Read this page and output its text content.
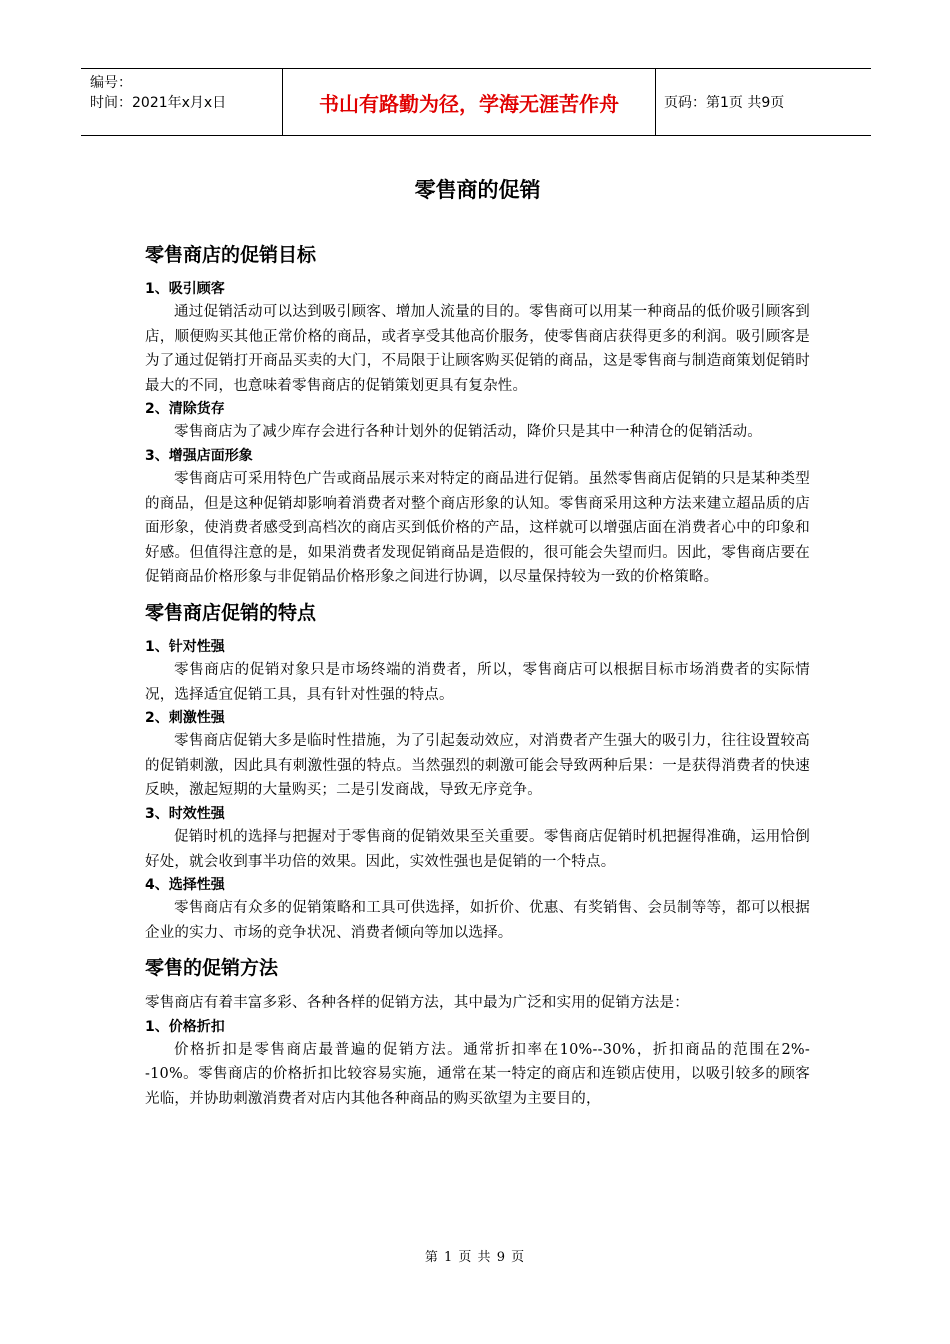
编号：
时间：2021年x月x日	书山有路勤为径，学海无涯苦作舟	页码：第1页 共9页
零售商的促销
零售商店的促销目标
1、吸引顾客

通过促销活动可以达到吸引顾客、增加人流量的目的。零售商可以用某一种商品的低价吸引顾客到店，顺便购买其他正常价格的商品，或者享受其他高价服务，使零售商店获得更多的利润。吸引顾客是为了通过促销打开商品买卖的大门，不局限于让顾客购买促销的商品，这是零售商与制造商策划促销时最大的不同，也意味着零售商店的促销策划更具有复杂性。

2、清除货存

零售商店为了减少库存会进行各种计划外的促销活动，降价只是其中一种清仓的促销活动。

3、增强店面形象

零售商店可采用特色广告或商品展示来对特定的商品进行促销。虽然零售商店促销的只是某种类型的商品，但是这种促销却影响着消费者对整个商店形象的认知。零售商采用这种方法来建立超品质的店面形象，使消费者感受到高档次的商店买到低价格的产品，这样就可以增强店面在消费者心中的印象和好感。但值得注意的是，如果消费者发现促销商品是造假的，很可能会失望而归。因此，零售商店要在促销商品价格形象与非促销品价格形象之间进行协调，以尽量保持较为一致的价格策略。

零售商店促销的特点
1、针对性强

零售商店的促销对象只是市场终端的消费者，所以，零售商店可以根据目标市场消费者的实际情况，选择适宜促销工具，具有针对性强的特点。

2、刺激性强

零售商店促销大多是临时性措施，为了引起轰动效应，对消费者产生强大的吸引力，往往设置较高的促销刺激，因此具有刺激性强的特点。当然强烈的刺激可能会导致两种后果：一是获得消费者的快速反映，激起短期的大量购买；二是引发商战，导致无序竞争。

3、时效性强

促销时机的选择与把握对于零售商的促销效果至关重要。零售商店促销时机把握得准确，运用恰倒好处，就会收到事半功倍的效果。因此，实效性强也是促销的一个特点。

4、选择性强

零售商店有众多的促销策略和工具可供选择，如折价、优惠、有奖销售、会员制等等，都可以根据企业的实力、市场的竞争状况、消费者倾向等加以选择。

零售的促销方法

零售商店有着丰富多彩、各种各样的促销方法，其中最为广泛和实用的促销方法是：

1、价格折扣

价格折扣是零售商店最普遍的促销方法。通常折扣率在10%--30%，折扣商品的范围在2%--10%。零售商店的价格折扣比较容易实施，通常在某一特定的商店和连锁店使用，以吸引较多的顾客光临，并协助刺激消费者对店内其他各种商品的购买欲望为主要目的，

第 1 页 共 9 页
